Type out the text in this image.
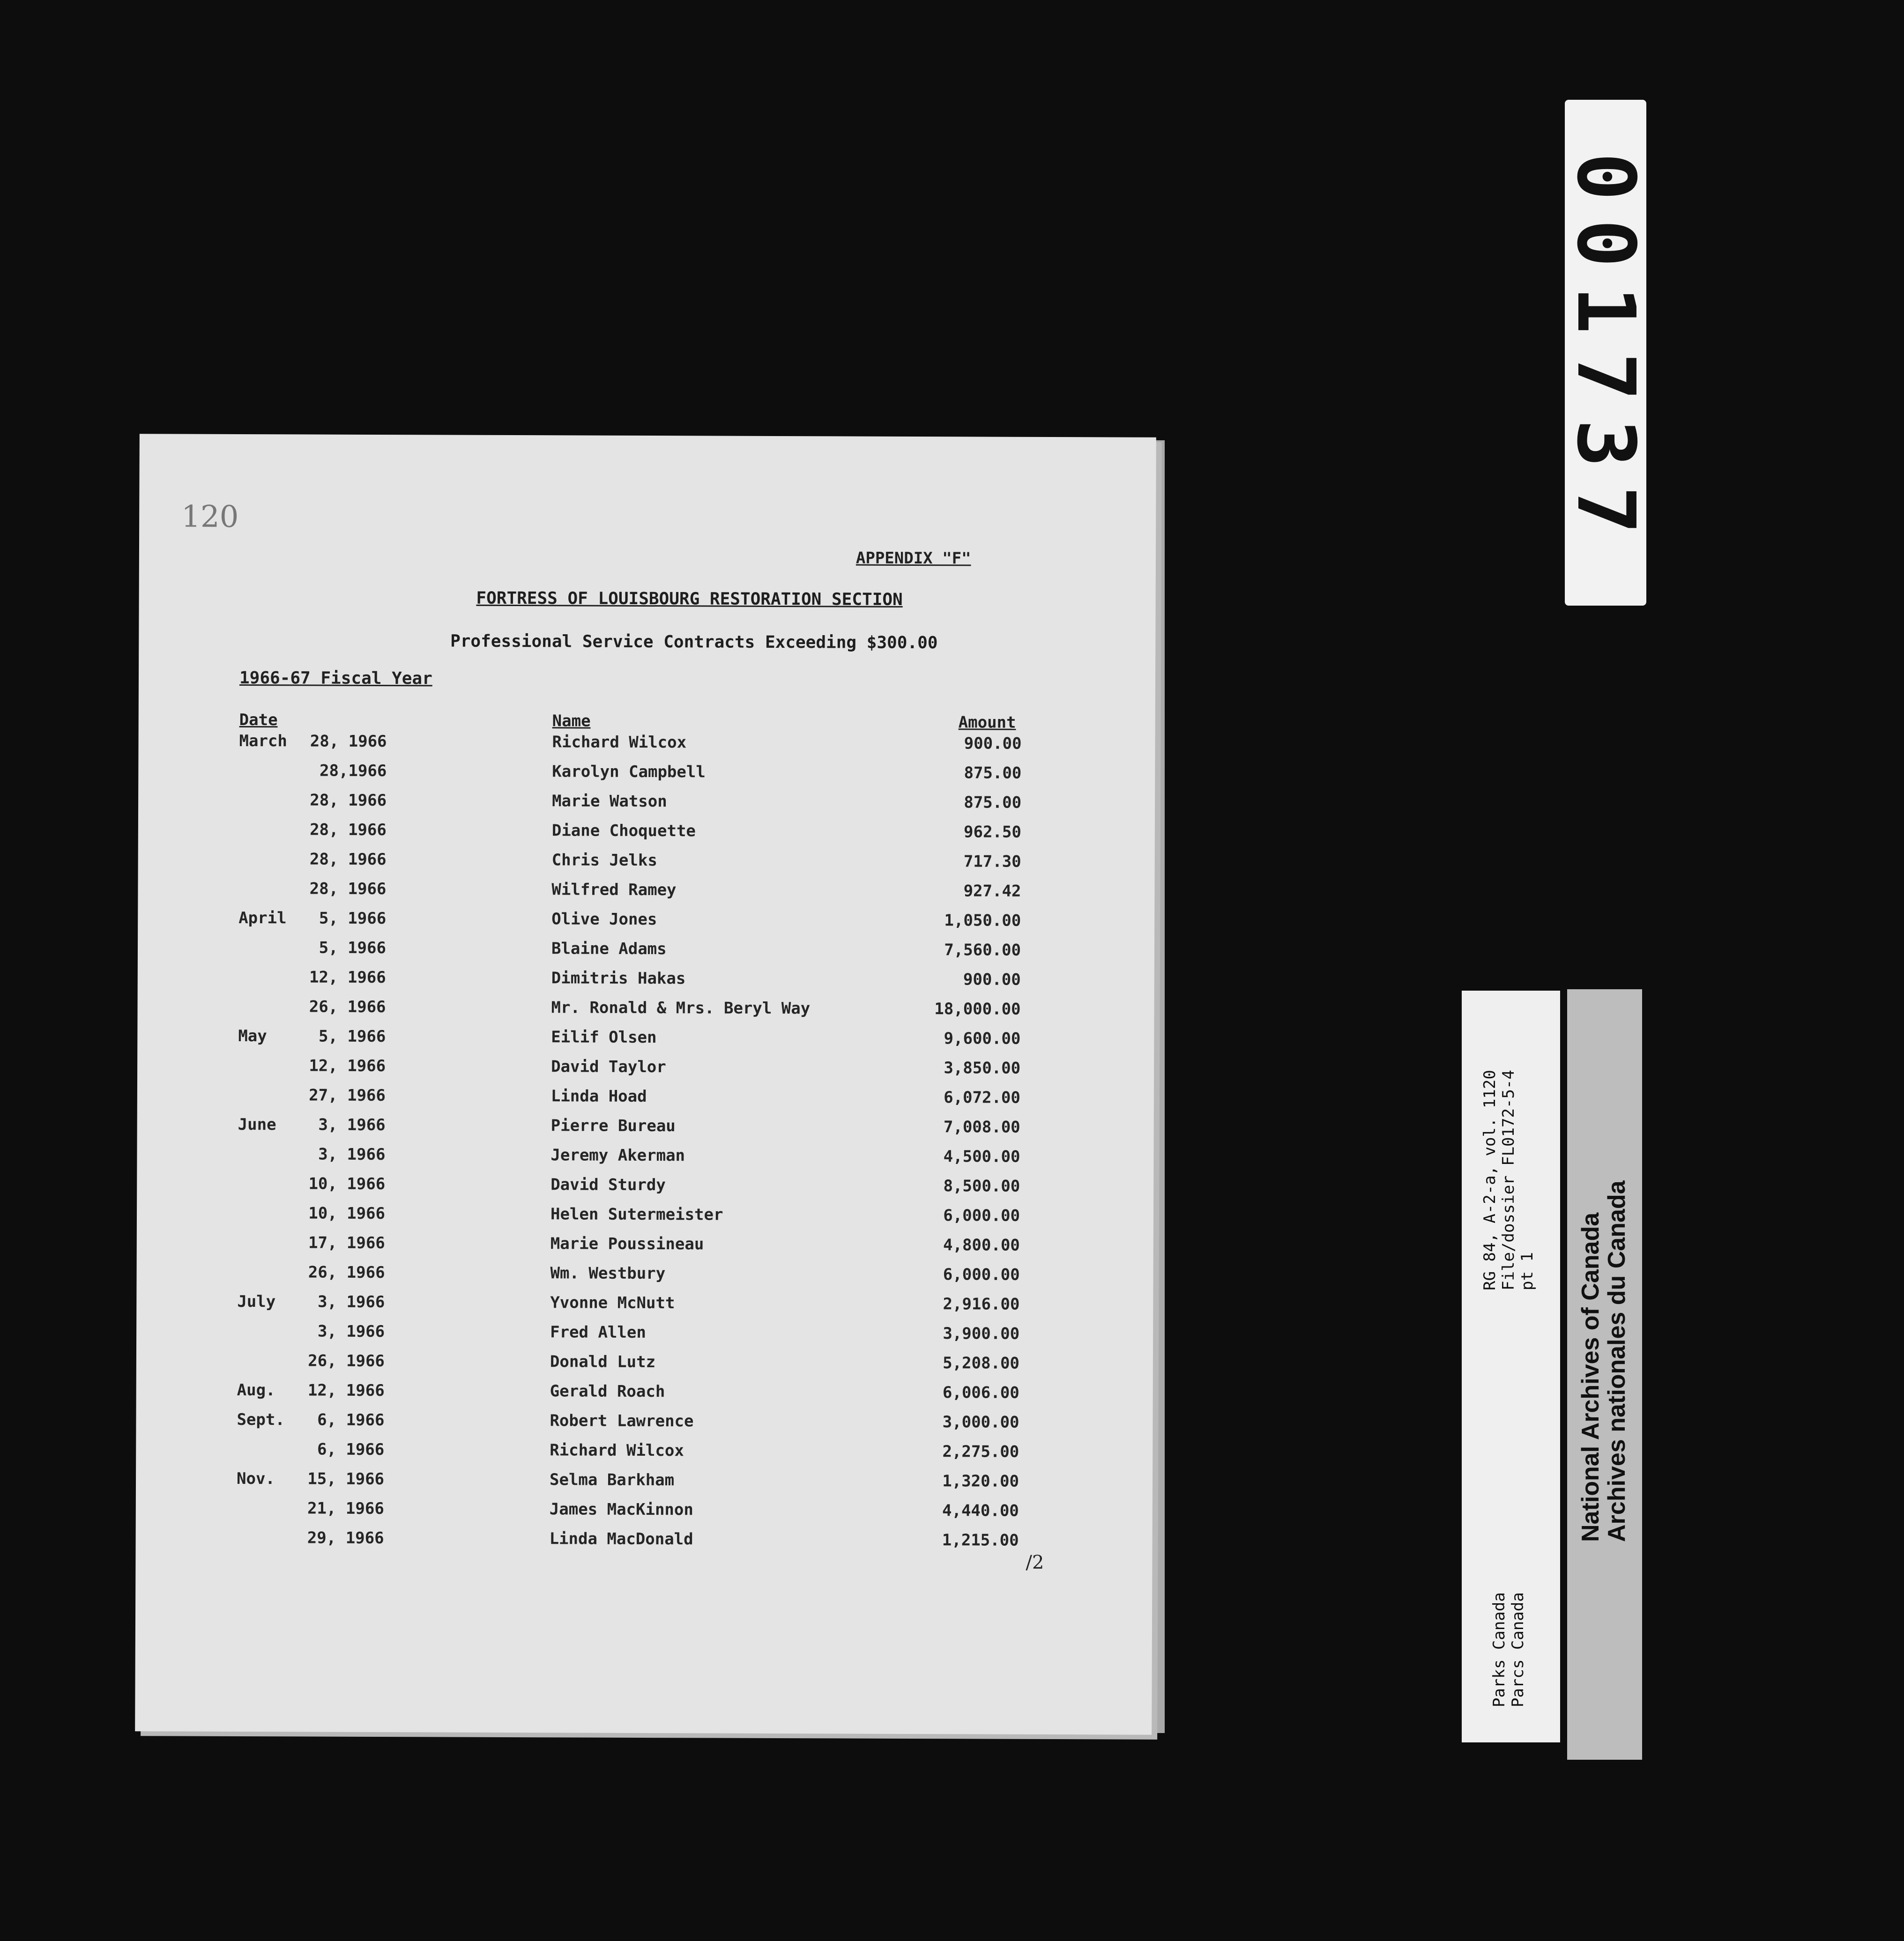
120
APPENDIX "F"
FORTRESS OF LOUISBOURG RESTORATION SECTION
Professional Service Contracts Exceeding $300.00
1966-67 Fiscal Year
Date	Name	Amount
March	28, 1966	Richard Wilcox	900.00
28,1966	Karolyn Campbell	875.00
28, 1966	Marie Watson	875.00
28, 1966	Diane Choquette	962.50
28, 1966	Chris Jelks	717.30
28, 1966	Wilfred Ramey	927.42
April	5, 1966	Olive Jones	1,050.00
5, 1966	Blaine Adams	7,560.00
12, 1966	Dimitris Hakas	900.00
26, 1966	Mr. Ronald & Mrs. Beryl Way	18,000.00
May	5, 1966	Eilif Olsen	9,600.00
12, 1966	David Taylor	3,850.00
27, 1966	Linda Hoad	6,072.00
June	3, 1966	Pierre Bureau	7,008.00
3, 1966	Jeremy Akerman	4,500.00
10, 1966	David Sturdy	8,500.00
10, 1966	Helen Sutermeister	6,000.00
17, 1966	Marie Poussineau	4,800.00
26, 1966	Wm. Westbury	6,000.00
July	3, 1966	Yvonne McNutt	2,916.00
3, 1966	Fred Allen	3,900.00
26, 1966	Donald Lutz	5,208.00
Aug.	12, 1966	Gerald Roach	6,006.00
Sept.	6, 1966	Robert Lawrence	3,000.00
6, 1966	Richard Wilcox	2,275.00
Nov.	15, 1966	Selma Barkham	1,320.00
21, 1966	James MacKinnon	4,440.00
29, 1966	Linda MacDonald	1,215.00
/2
001737
RG 84, A-2-a, vol. 1120 File/dossier FL0172-5-4 pt 1
Parks Canada Parcs Canada
National Archives of Canada
Archives nationales du Canada
